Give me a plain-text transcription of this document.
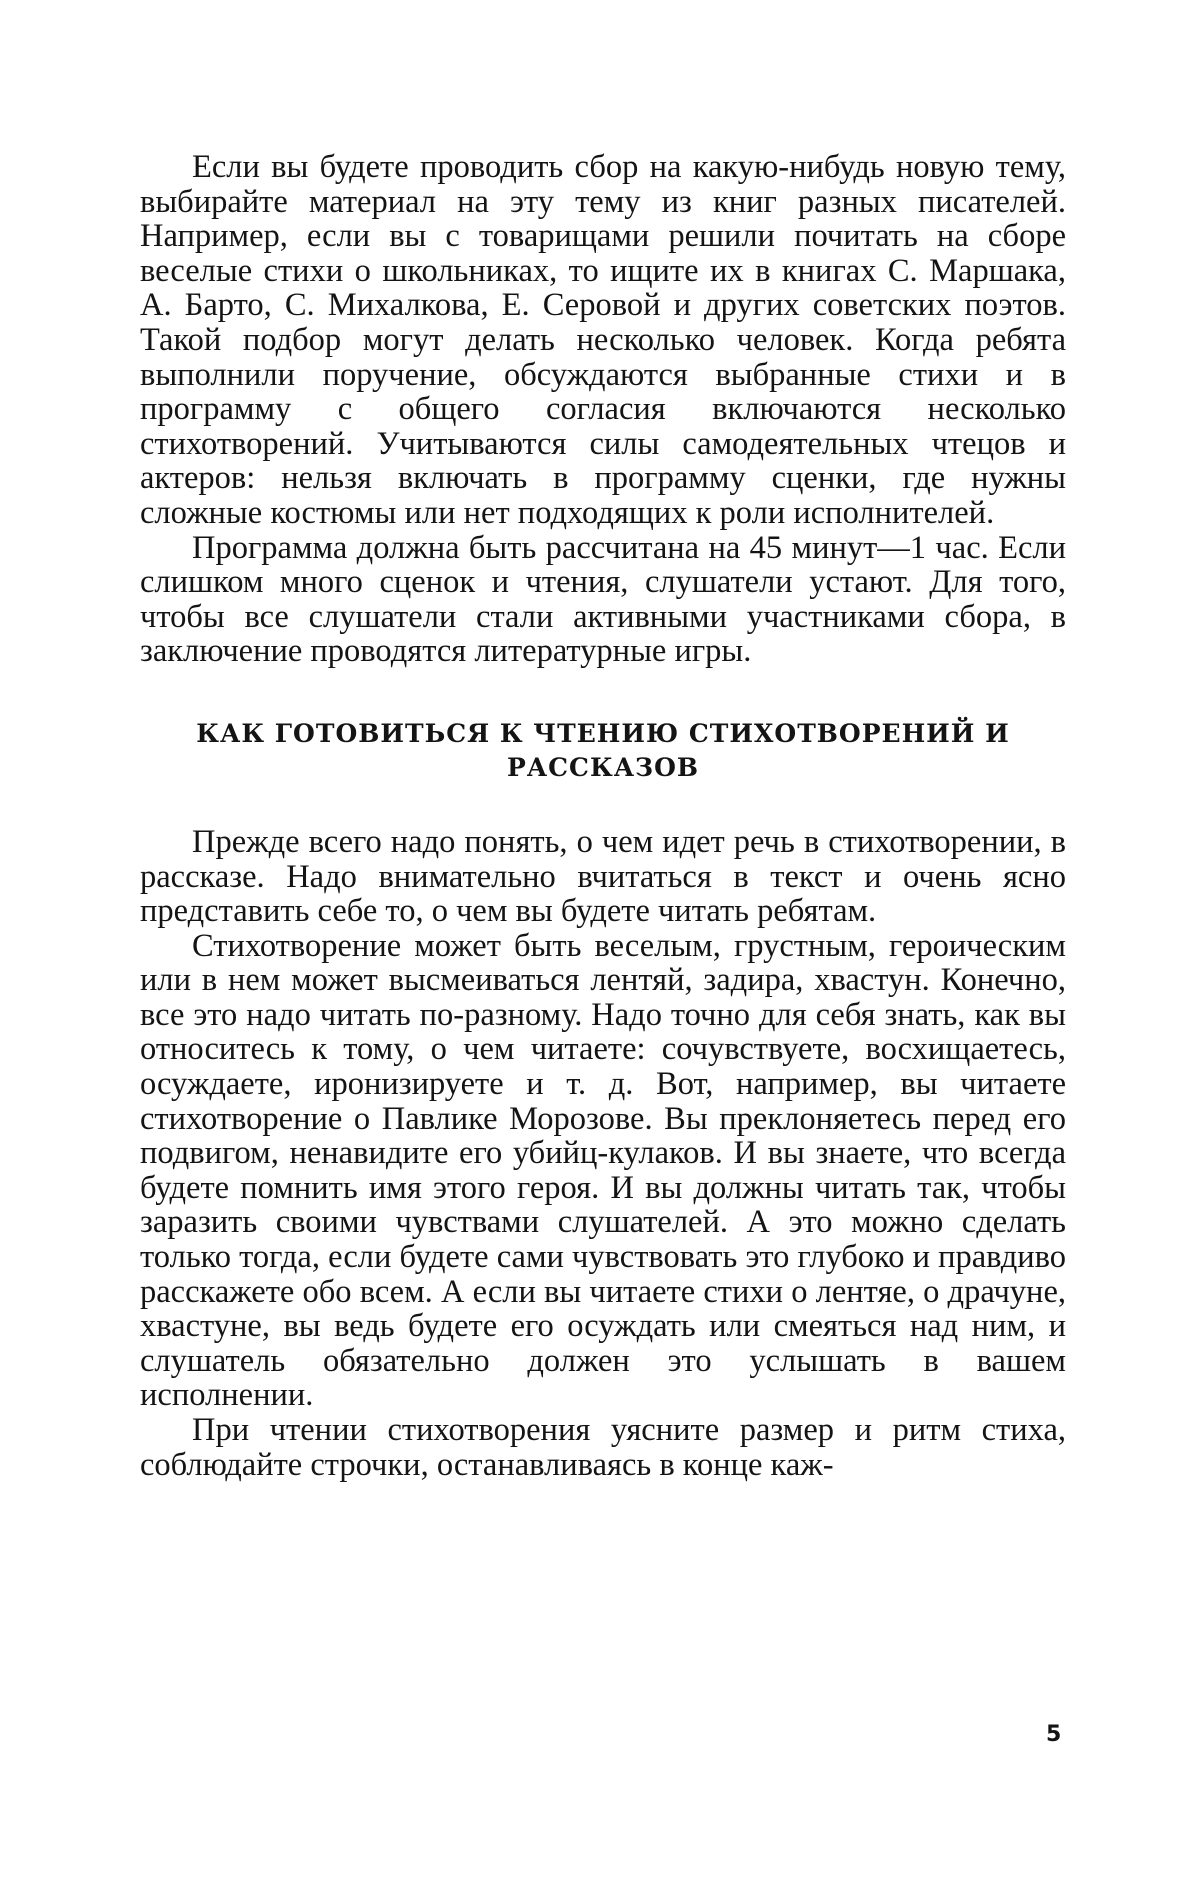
Если вы будете проводить сбор на какую-нибудь новую тему, выбирайте материал на эту тему из книг разных писателей. Например, если вы с товарищами решили почитать на сборе веселые стихи о школьниках, то ищите их в книгах С. Маршака, А. Барто, С. Михалкова, Е. Серовой и других советских поэтов. Такой подбор могут делать несколько человек. Когда ребята выполнили поручение, обсуждаются выбранные стихи и в программу с общего согласия включаются несколько стихотворений. Учитываются силы самодеятельных чтецов и актеров: нельзя включать в программу сценки, где нужны сложные костюмы или нет подходящих к роли исполнителей.

Программа должна быть рассчитана на 45 минут—1 час. Если слишком много сценок и чтения, слушатели устают. Для того, чтобы все слушатели стали активными участниками сбора, в заключение проводятся литературные игры.

КАК ГОТОВИТЬСЯ К ЧТЕНИЮ СТИХОТВОРЕНИЙ И
РАССКАЗОВ

Прежде всего надо понять, о чем идет речь в стихотворении, в рассказе. Надо внимательно вчитаться в текст и очень ясно представить себе то, о чем вы будете читать ребятам.

Стихотворение может быть веселым, грустным, героическим или в нем может высмеиваться лентяй, задира, хвастун. Конечно, все это надо читать по-разному. Надо точно для себя знать, как вы относитесь к тому, о чем читаете: сочувствуете, восхищаетесь, осуждаете, иронизируете и т. д. Вот, например, вы читаете стихотворение о Павлике Морозове. Вы преклоняетесь перед его подвигом, ненавидите его убийц-кулаков. И вы знаете, что всегда будете помнить имя этого героя. И вы должны читать так, чтобы заразить своими чувствами слушателей. А это можно сделать только тогда, если будете сами чувствовать это глубоко и правдиво расскажете обо всем. А если вы читаете стихи о лентяе, о драчуне, хвастуне, вы ведь будете его осуждать или смеяться над ним, и слушатель обязательно должен это услышать в вашем исполнении.

При чтении стихотворения уясните размер и ритм стиха, соблюдайте строчки, останавливаясь в конце каж-

5
